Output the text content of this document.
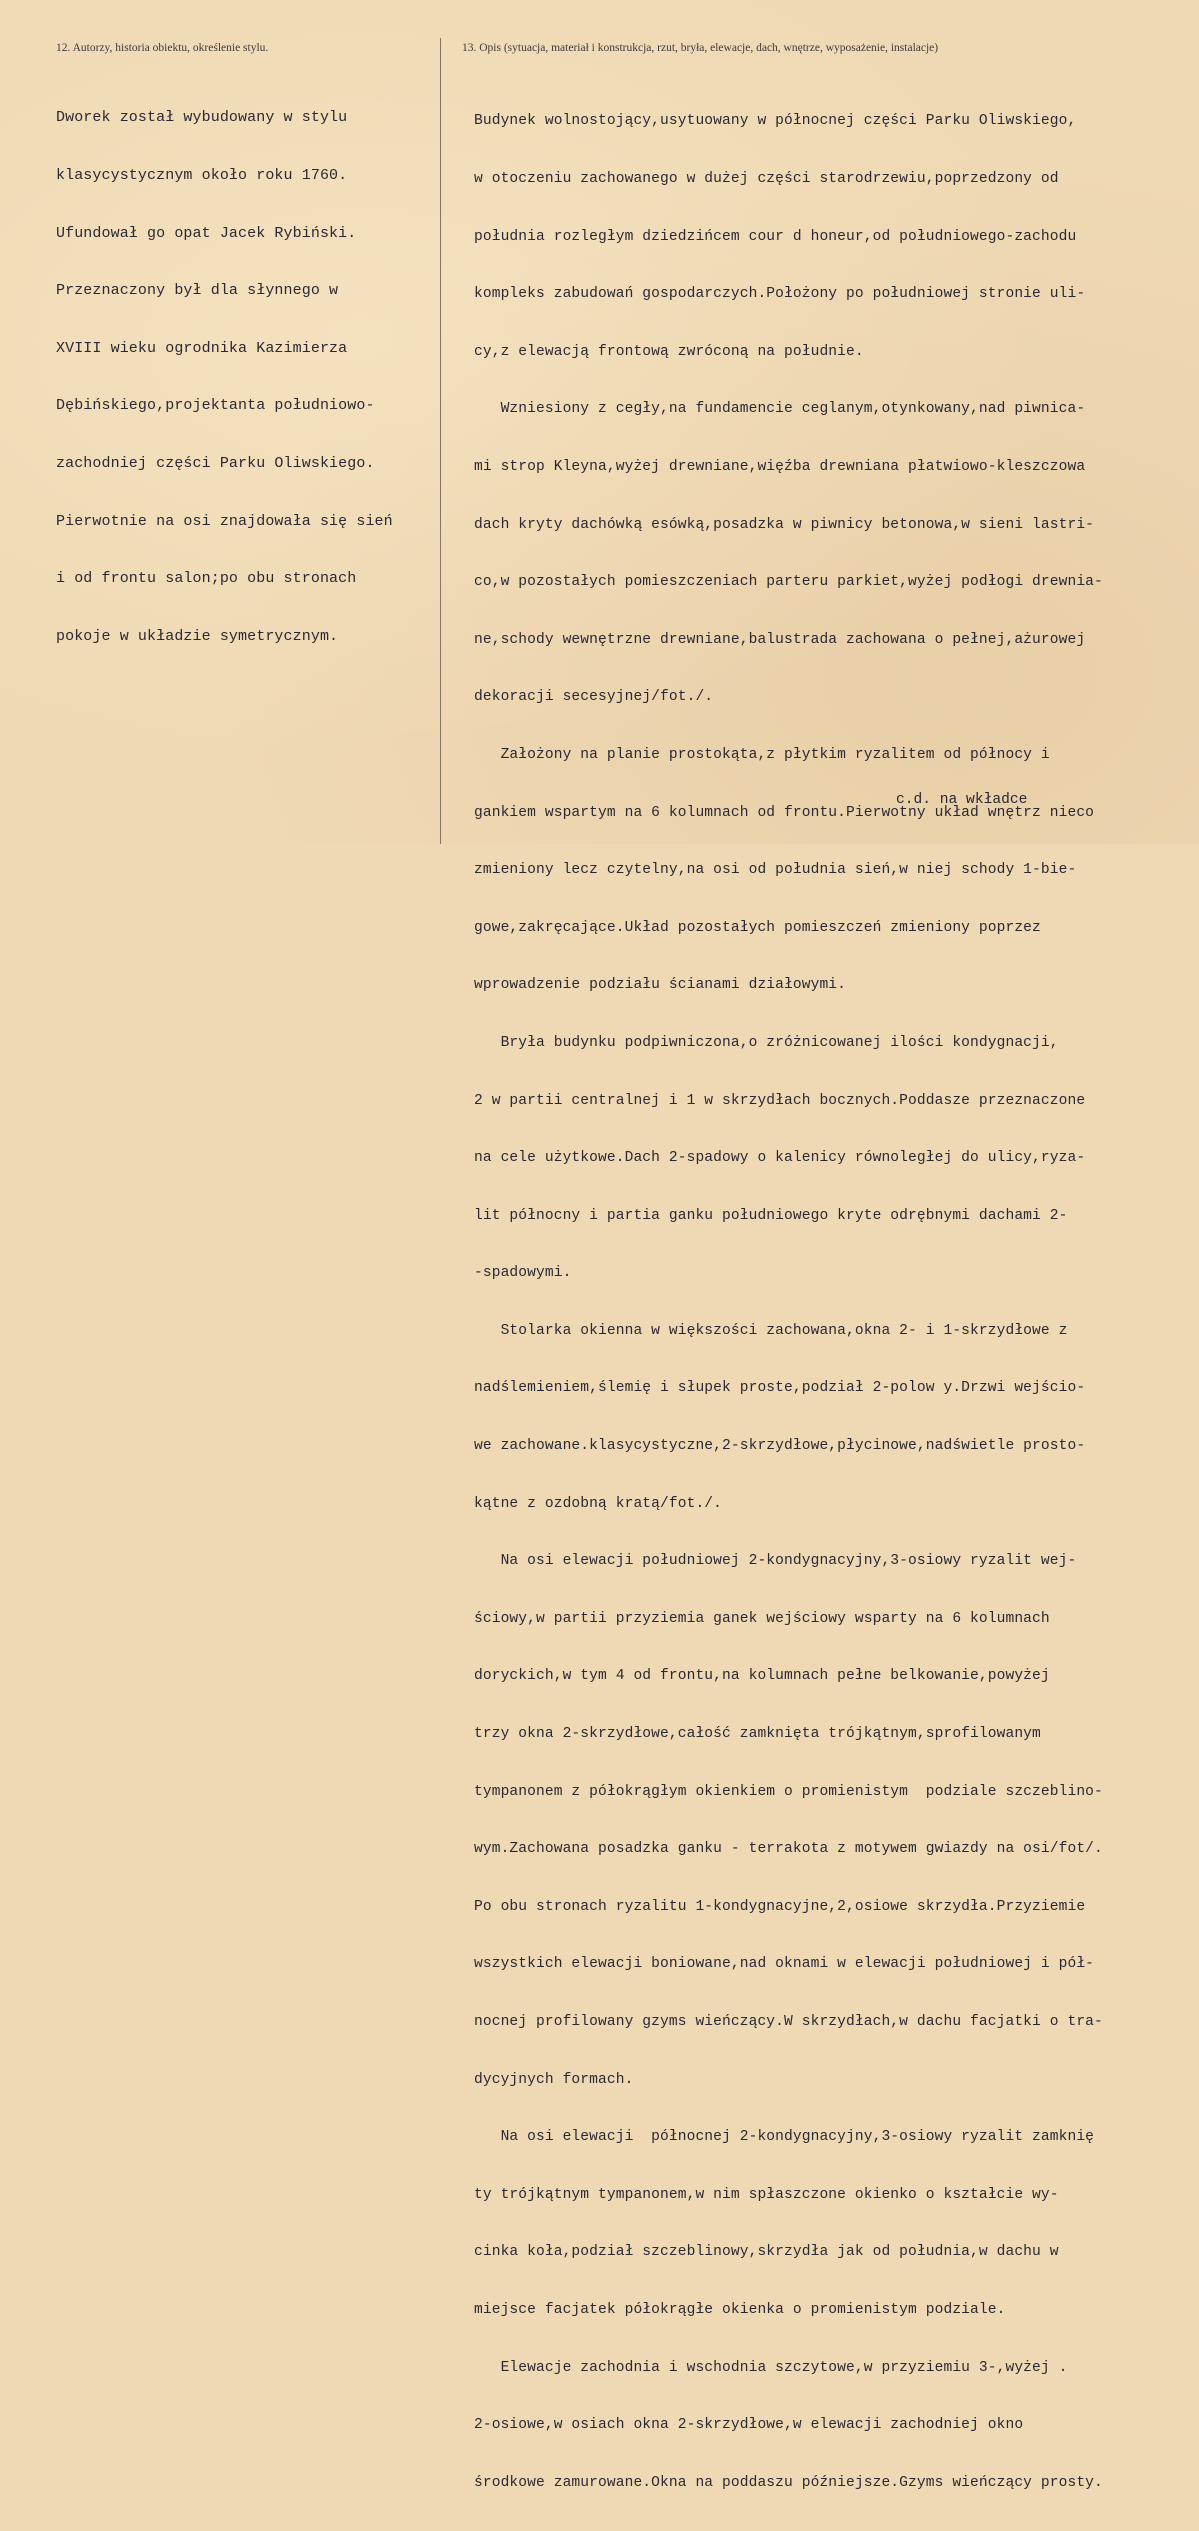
12. Autorzy, historia obiektu, określenie stylu.	13. Opis (sytuacja, materiał i konstrukcja, rzut, bryła, elewacje, dach, wnętrze, wyposażenie, instalacje)

Dworek został wybudowany w stylu

klasycystycznym około roku 1760.

Ufundował go opat Jacek Rybiński.

Przeznaczony był dla słynnego w

XVIII wieku ogrodnika Kazimierza

Dębińskiego,projektanta południowo-

zachodniej części Parku Oliwskiego.

Pierwotnie na osi znajdowała się sień

i od frontu salon;po obu stronach

pokoje w układzie symetrycznym.

Budynek wolnostojący,usytuowany w północnej części Parku Oliwskiego,

w otoczeniu zachowanego w dużej części starodrzewiu,poprzedzony od

południa rozległym dziedzińcem cour d honeur,od południowego-zachodu

kompleks zabudowań gospodarczych.Położony po południowej stronie uli-

cy,z elewacją frontową zwróconą na południe.

Wzniesiony z cegły,na fundamencie ceglanym,otynkowany,nad piwnica-

mi strop Kleyna,wyżej drewniane,więźba drewniana płatwiowo-kleszczowa

dach kryty dachówką esówką,posadzka w piwnicy betonowa,w sieni lastri-

co,w pozostałych pomieszczeniach parteru parkiet,wyżej podłogi drewnia-

ne,schody wewnętrzne drewniane,balustrada zachowana o pełnej,ażurowej

dekoracji secesyjnej/fot./.

Założony na planie prostokąta,z płytkim ryzalitem od północy i

gankiem wspartym na 6 kolumnach od frontu.Pierwotny układ wnętrz nieco

zmieniony lecz czytelny,na osi od południa sień,w niej schody 1-bie-

gowe,zakręcające.Układ pozostałych pomieszczeń zmieniony poprzez

wprowadzenie podziału ścianami działowymi.

Bryła budynku podpiwniczona,o zróżnicowanej ilości kondygnacji,

2 w partii centralnej i 1 w skrzydłach bocznych.Poddasze przeznaczone

na cele użytkowe.Dach 2-spadowy o kalenicy równoległej do ulicy,ryza-

lit północny i partia ganku południowego kryte odrębnymi dachami 2-

-spadowymi.

Stolarka okienna w większości zachowana,okna 2- i 1-skrzydłowe z

nadślemieniem,ślemię i słupek proste,podział 2-polow y.Drzwi wejścio-

we zachowane.klasycystyczne,2-skrzydłowe,płycinowe,nadświetle prosto-

kątne z ozdobną kratą/fot./.

Na osi elewacji południowej 2-kondygnacyjny,3-osiowy ryzalit wej-

ściowy,w partii przyziemia ganek wejściowy wsparty na 6 kolumnach

doryckich,w tym 4 od frontu,na kolumnach pełne belkowanie,powyżej

trzy okna 2-skrzydłowe,całość zamknięta trójkątnym,sprofilowanym

tympanonem z półokrągłym okienkiem o promienistym  podziale szczeblino-

wym.Zachowana posadzka ganku - terrakota z motywem gwiazdy na osi/fot/.

Po obu stronach ryzalitu 1-kondygnacyjne,2,osiowe skrzydła.Przyziemie

wszystkich elewacji boniowane,nad oknami w elewacji południowej i pół-

nocnej profilowany gzyms wieńczący.W skrzydłach,w dachu facjatki o tra-

dycyjnych formach.

Na osi elewacji  północnej 2-kondygnacyjny,3-osiowy ryzalit zamknię

ty trójkątnym tympanonem,w nim spłaszczone okienko o kształcie wy-

cinka koła,podział szczeblinowy,skrzydła jak od południa,w dachu w

miejsce facjatek półokrągłe okienka o promienistym podziale.

Elewacje zachodnia i wschodnia szczytowe,w przyziemiu 3-,wyżej .

2-osiowe,w osiach okna 2-skrzydłowe,w elewacji zachodniej okno

środkowe zamurowane.Okna na poddaszu późniejsze.Gzyms wieńczący prosty.

c.d. na wkładce
